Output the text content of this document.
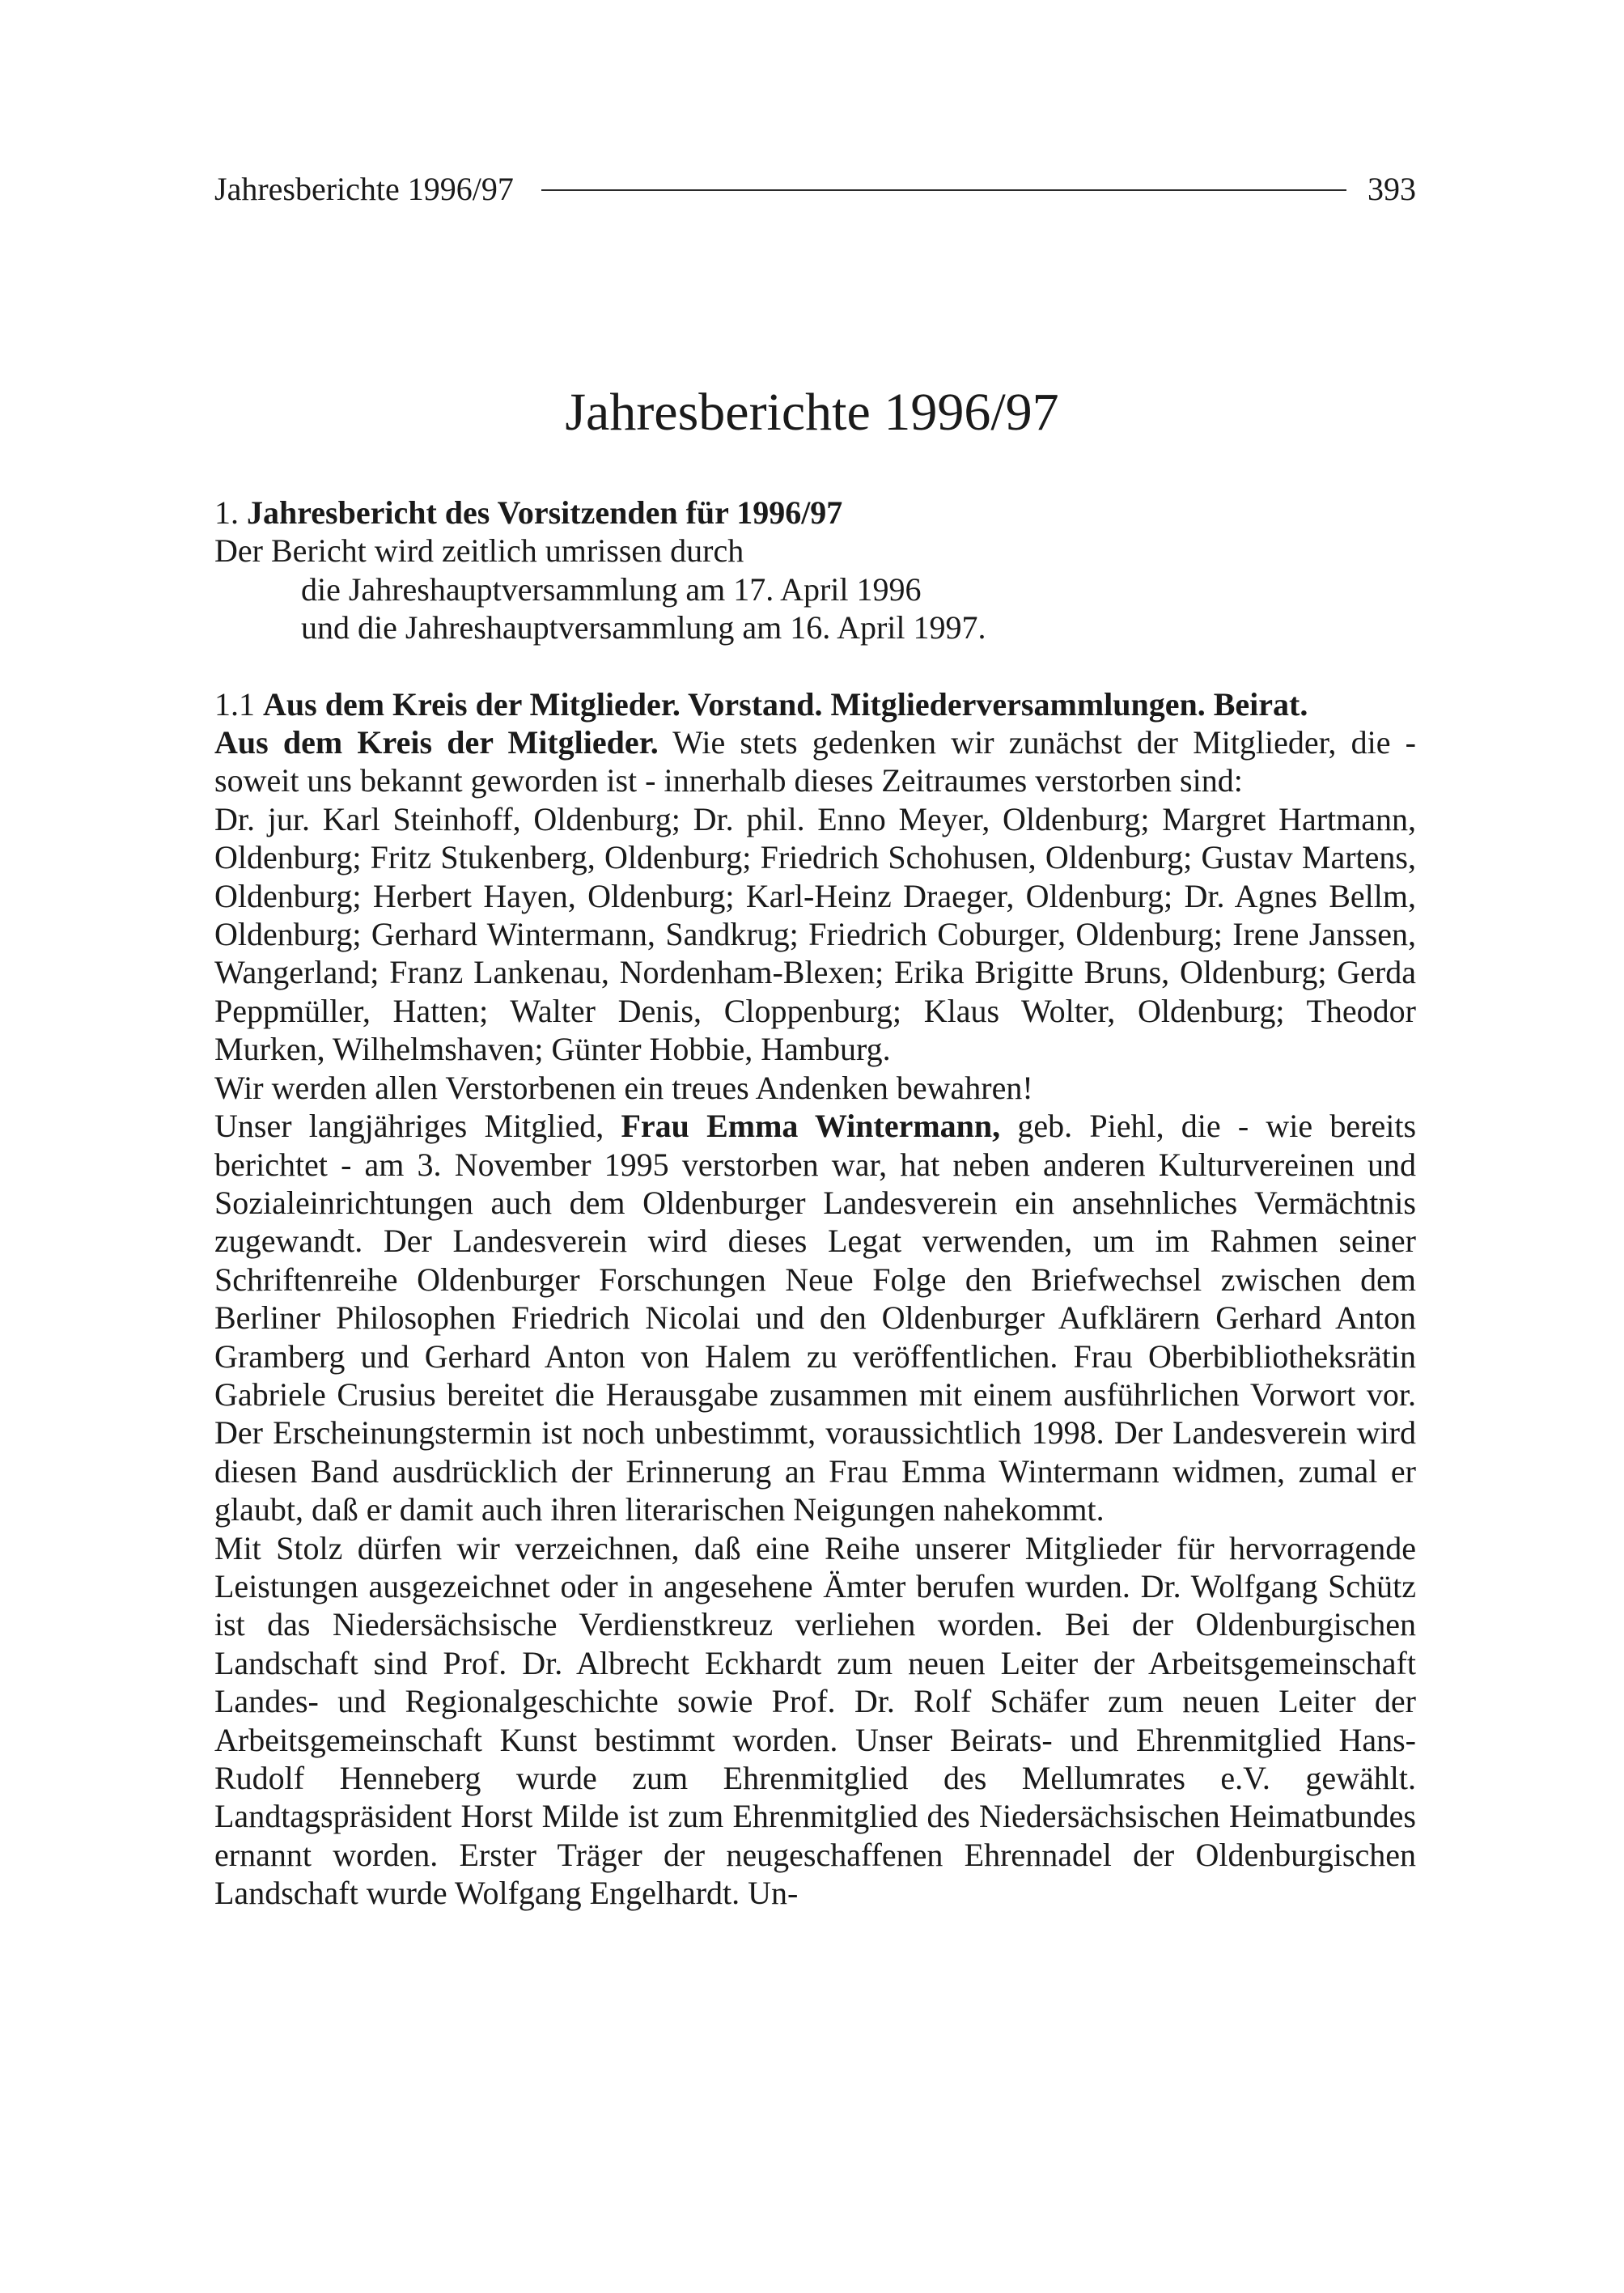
Jahresberichte 1996/97	393
Jahresberichte 1996/97

1. Jahresbericht des Vorsitzenden für 1996/97

Der Bericht wird zeitlich umrissen durch

die Jahreshauptversammlung am 17. April 1996

und die Jahreshauptversammlung am 16. April 1997.

1.1 Aus dem Kreis der Mitglieder. Vorstand. Mitgliederversammlungen. Beirat.

Aus dem Kreis der Mitglieder. Wie stets gedenken wir zunächst der Mitglieder, die - soweit uns bekannt geworden ist - innerhalb dieses Zeitraumes verstorben sind:

Dr. jur. Karl Steinhoff, Oldenburg; Dr. phil. Enno Meyer, Oldenburg; Margret Hartmann, Oldenburg; Fritz Stukenberg, Oldenburg; Friedrich Schohusen, Oldenburg; Gustav Martens, Oldenburg; Herbert Hayen, Oldenburg; Karl-Heinz Draeger, Oldenburg; Dr. Agnes Bellm, Oldenburg; Gerhard Wintermann, Sandkrug; Friedrich Coburger, Oldenburg; Irene Janssen, Wangerland; Franz Lankenau, Nordenham-Blexen; Erika Brigitte Bruns, Oldenburg; Gerda Peppmüller, Hatten; Walter Denis, Cloppenburg; Klaus Wolter, Oldenburg; Theodor Murken, Wilhelmshaven; Günter Hobbie, Hamburg.

Wir werden allen Verstorbenen ein treues Andenken bewahren!

Unser langjähriges Mitglied, Frau Emma Wintermann, geb. Piehl, die - wie bereits berichtet - am 3. November 1995 verstorben war, hat neben anderen Kulturvereinen und Sozialeinrichtungen auch dem Oldenburger Landesverein ein ansehnliches Vermächtnis zugewandt. Der Landesverein wird dieses Legat verwenden, um im Rahmen seiner Schriftenreihe Oldenburger Forschungen Neue Folge den Briefwechsel zwischen dem Berliner Philosophen Friedrich Nicolai und den Oldenburger Aufklärern Gerhard Anton Gramberg und Gerhard Anton von Halem zu veröffentlichen. Frau Oberbibliotheksrätin Gabriele Crusius bereitet die Herausgabe zusammen mit einem ausführlichen Vorwort vor. Der Erscheinungstermin ist noch unbestimmt, voraussichtlich 1998. Der Landesverein wird diesen Band ausdrücklich der Erinnerung an Frau Emma Wintermann widmen, zumal er glaubt, daß er damit auch ihren literarischen Neigungen nahekommt.

Mit Stolz dürfen wir verzeichnen, daß eine Reihe unserer Mitglieder für hervorragende Leistungen ausgezeichnet oder in angesehene Ämter berufen wurden. Dr. Wolfgang Schütz ist das Niedersächsische Verdienstkreuz verliehen worden. Bei der Oldenburgischen Landschaft sind Prof. Dr. Albrecht Eckhardt zum neuen Leiter der Arbeitsgemeinschaft Landes- und Regionalgeschichte sowie Prof. Dr. Rolf Schäfer zum neuen Leiter der Arbeitsgemeinschaft Kunst bestimmt worden. Unser Beirats- und Ehrenmitglied Hans-Rudolf Henneberg wurde zum Ehrenmitglied des Mellumrates e.V. gewählt. Landtagspräsident Horst Milde ist zum Ehrenmitglied des Niedersächsischen Heimatbundes ernannt worden. Erster Träger der neugeschaffenen Ehrennadel der Oldenburgischen Landschaft wurde Wolfgang Engelhardt. Un-
